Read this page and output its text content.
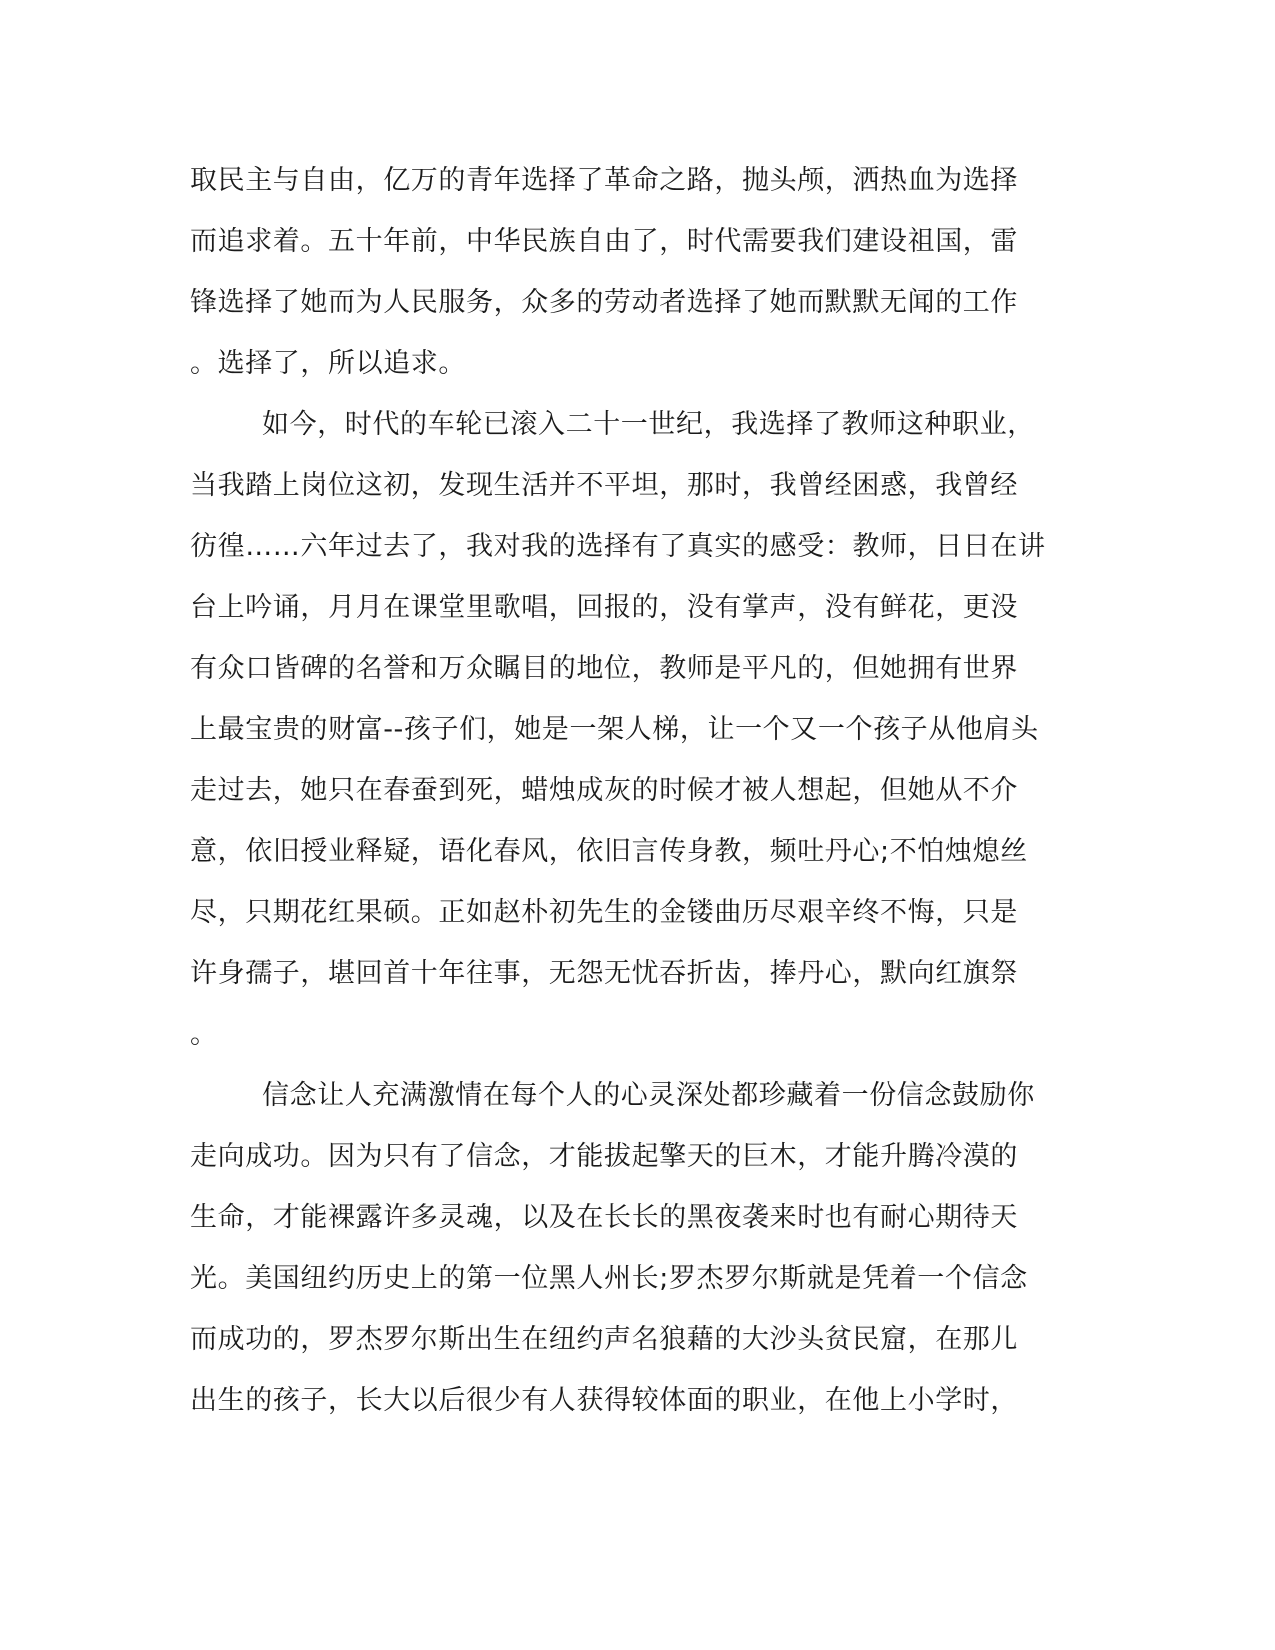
取民主与自由，亿万的青年选择了革命之路，抛头颅，洒热血为选择
而追求着。五十年前，中华民族自由了，时代需要我们建设祖国，雷
锋选择了她而为人民服务，众多的劳动者选择了她而默默无闻的工作
。选择了，所以追求。
如今，时代的车轮已滚入二十一世纪，我选择了教师这种职业，
当我踏上岗位这初，发现生活并不平坦，那时，我曾经困惑，我曾经
彷徨……六年过去了，我对我的选择有了真实的感受：教师，日日在讲
台上吟诵，月月在课堂里歌唱，回报的，没有掌声，没有鲜花，更没
有众口皆碑的名誉和万众瞩目的地位，教师是平凡的，但她拥有世界
上最宝贵的财富--孩子们，她是一架人梯，让一个又一个孩子从他肩头
走过去，她只在春蚕到死，蜡烛成灰的时候才被人想起，但她从不介
意，依旧授业释疑，语化春风，依旧言传身教，频吐丹心;不怕烛熄丝
尽，只期花红果硕。正如赵朴初先生的金镂曲历尽艰辛终不悔，只是
许身孺子，堪回首十年往事，无怨无忧吞折齿，捧丹心，默向红旗祭
。
信念让人充满激情在每个人的心灵深处都珍藏着一份信念鼓励你
走向成功。因为只有了信念，才能拔起擎天的巨木，才能升腾冷漠的
生命，才能裸露许多灵魂，以及在长长的黑夜袭来时也有耐心期待天
光。美国纽约历史上的第一位黑人州长;罗杰罗尔斯就是凭着一个信念
而成功的，罗杰罗尔斯出生在纽约声名狼藉的大沙头贫民窟，在那儿
出生的孩子，长大以后很少有人获得较体面的职业，在他上小学时，
